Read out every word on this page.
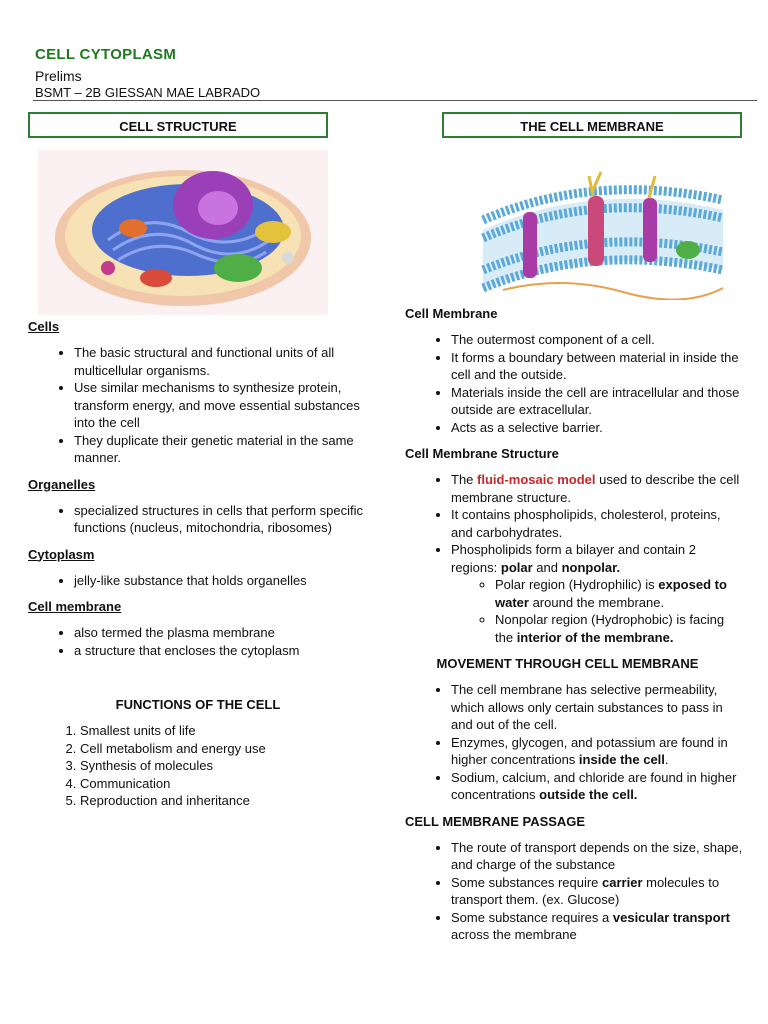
CELL CYTOPLASM
Prelims
BSMT – 2B GIESSAN MAE LABRADO
CELL STRUCTURE
Cells
• The basic structural and functional units of all multicellular organisms.
• Use similar mechanisms to synthesize protein, transform energy, and move essential substances into the cell
• They duplicate their genetic material in the same manner.
Organelles
• specialized structures in cells that perform specific functions (nucleus, mitochondria, ribosomes)
Cytoplasm
• jelly-like substance that holds organelles
Cell membrane
• also termed the plasma membrane
• a structure that encloses the cytoplasm
FUNCTIONS OF THE CELL
1. Smallest units of life
2. Cell metabolism and energy use
3. Synthesis of molecules
4. Communication
5. Reproduction and inheritance
THE CELL MEMBRANE
Cell Membrane
• The outermost component of a cell.
• It forms a boundary between material in inside the cell and the outside.
• Materials inside the cell are intracellular and those outside are extracellular.
• Acts as a selective barrier.
Cell Membrane Structure
• The fluid-mosaic model used to describe the cell membrane structure.
• It contains phospholipids, cholesterol, proteins, and carbohydrates.
• Phospholipids form a bilayer and contain 2 regions: polar and nonpolar.
◦ Polar region (Hydrophilic) is exposed to water around the membrane.
◦ Nonpolar region (Hydrophobic) is facing the interior of the membrane.
MOVEMENT THROUGH CELL MEMBRANE
• The cell membrane has selective permeability, which allows only certain substances to pass in and out of the cell.
• Enzymes, glycogen, and potassium are found in higher concentrations inside the cell.
• Sodium, calcium, and chloride are found in higher concentrations outside the cell.
CELL MEMBRANE PASSAGE
• The route of transport depends on the size, shape, and charge of the substance
• Some substances require carrier molecules to transport them. (ex. Glucose)
• Some substance requires a vesicular transport across the membrane
